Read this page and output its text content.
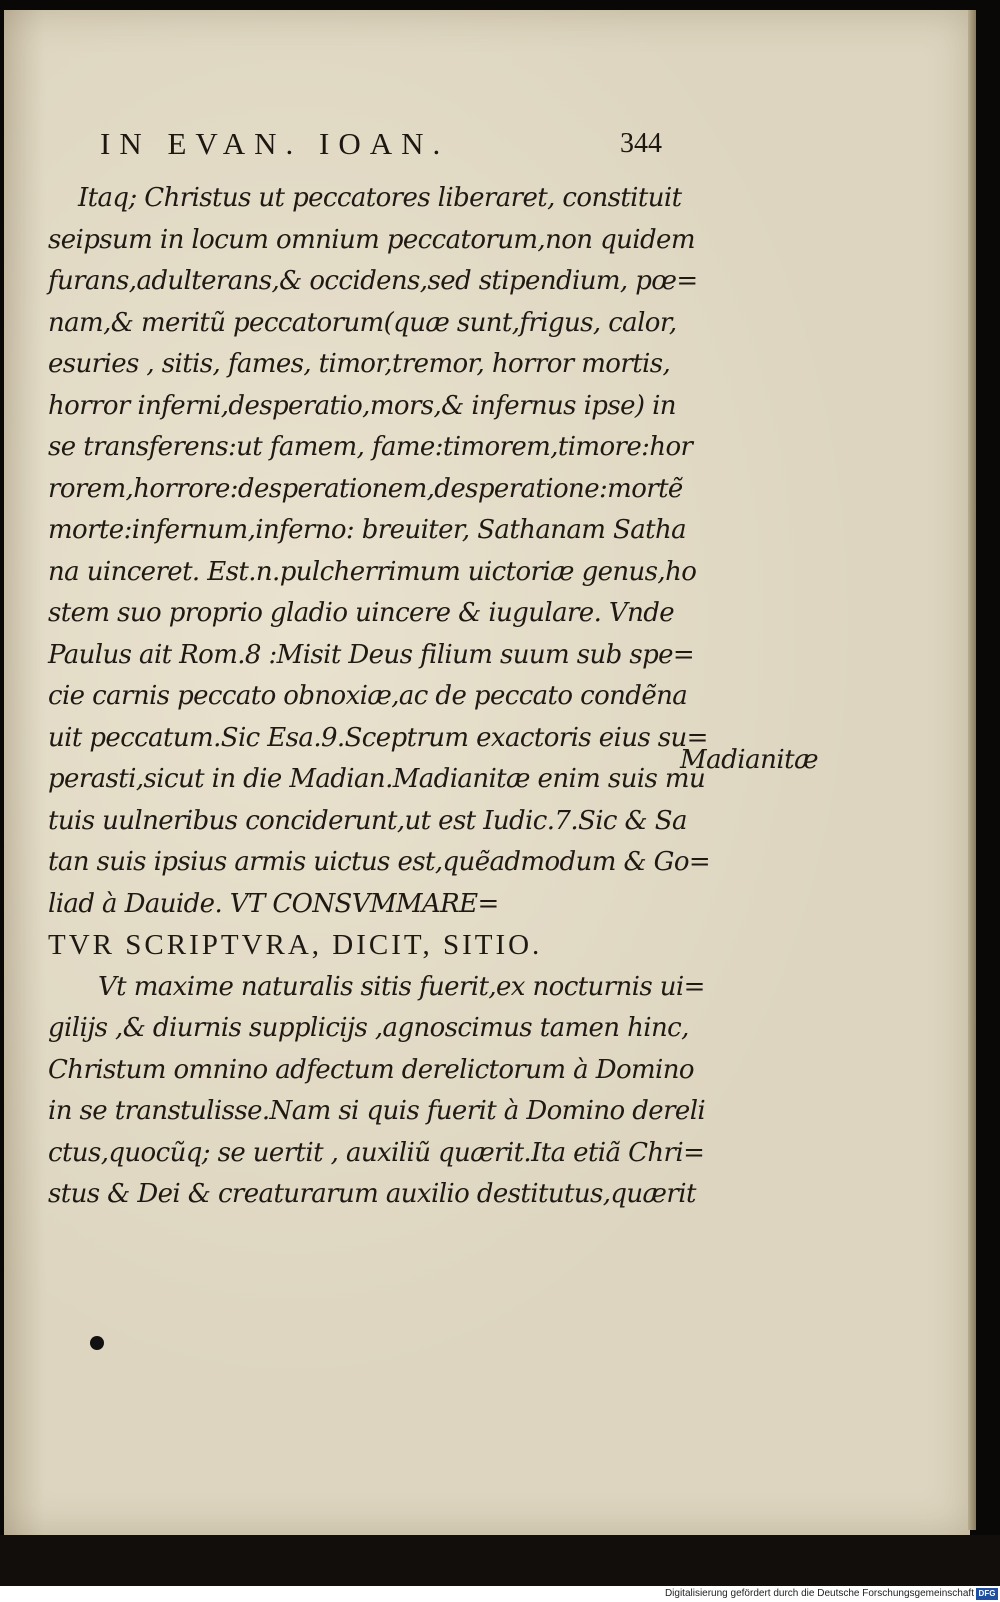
IN EVAN. IOAN.	344
Itaq; Christus ut peccatores liberaret, constituit
seipsum in locum omnium peccatorum,non quidem
furans,adulterans,& occidens,sed stipendium, pœ=
nam,& meritũ peccatorum(quæ sunt,frigus, calor,
esuries , sitis, fames, timor,tremor, horror mortis,
horror inferni,desperatio,mors,& infernus ipse) in
se transferens:ut famem, fame:timorem,timore:hor
rorem,horrore:desperationem,desperatione:mortẽ
morte:infernum,inferno: breuiter, Sathanam Satha
na uinceret. Est.n.pulcherrimum uictoriæ genus,ho
stem suo proprio gladio uincere & iugulare. Vnde
Paulus ait Rom.8 :Misit Deus filium suum sub spe=
cie carnis peccato obnoxiæ,ac de peccato condẽna
uit peccatum.Sic Esa.9.Sceptrum exactoris eius su=
perasti,sicut in die Madian.Madianitæ enim suis mu
tuis uulneribus conciderunt,ut est Iudic.7.Sic & Sa
tan suis ipsius armis uictus est,quẽadmodum & Go=
liad à Dauide. VT CONSVMMARE=
TVR SCRIPTVRA, DICIT, SITIO.
Vt maxime naturalis sitis fuerit,ex nocturnis ui=
gilijs ,& diurnis supplicijs ,agnoscimus tamen hinc,
Christum omnino adfectum derelictorum à Domino
in se transtulisse.Nam si quis fuerit à Domino dereli
ctus,quocũq; se uertit , auxiliũ quærit.Ita etiã Chri=
stus & Dei & creaturarum auxilio destitutus,quærit
Madianitæ
Digitalisierung gefördert durch die Deutsche Forschungsgemeinschaft DFG
